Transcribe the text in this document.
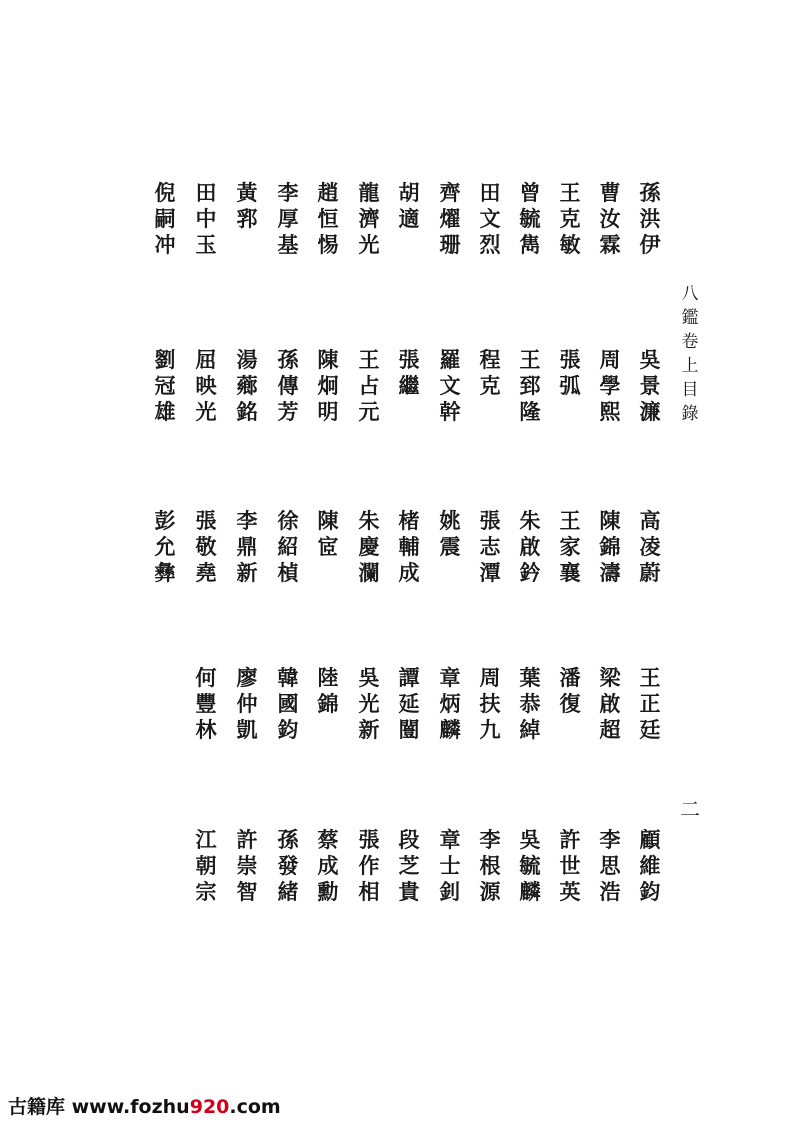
八鑑卷上　目錄
二
孫洪伊
吳景濂
高凌蔚
王正廷
顧維鈞
曹汝霖
周學熙
陳錦濤
梁啟超
李思浩
王克敏
張　弧
王家襄
潘　復
許世英
曾毓雋
王郅隆
朱啟鈐
葉恭綽
吳毓麟
田文烈
程　克
張志潭
周扶九
李根源
齊燿珊
羅文幹
姚　震
章炳麟
章士釗
胡　適
張　繼
楮輔成
譚延闓
段芝貴
龍濟光
王占元
朱慶瀾
吳光新
張作相
趙恒惕
陳炯明
陳　宧
陸　錦
蔡成勳
李厚基
孫傳芳
徐紹楨
韓國鈞
孫發緒
黃　郛
湯薌銘
李鼎新
廖仲凱
許崇智
田中玉
屈映光
張敬堯
何豐林
江朝宗
倪嗣冲
劉冠雄
彭允彝
古籍库 www.fozhu920.com
